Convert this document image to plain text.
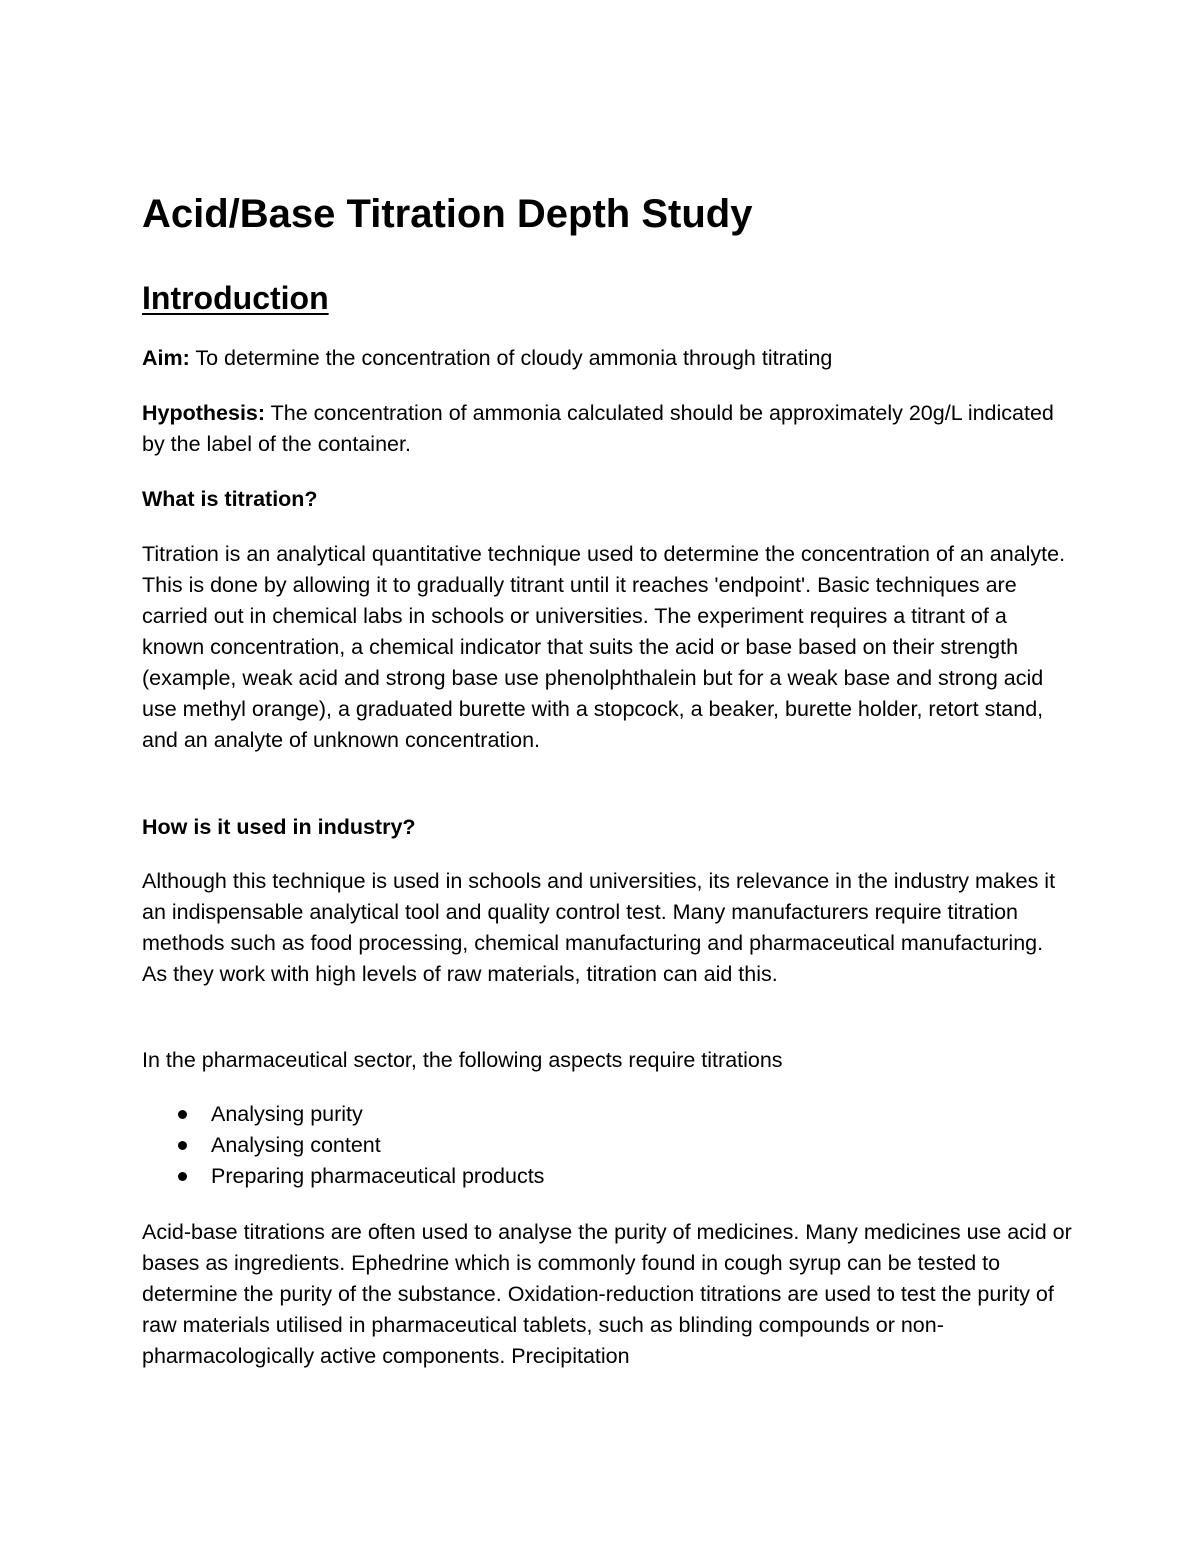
Acid/Base Titration Depth Study
Introduction

Aim: To determine the concentration of cloudy ammonia through titrating

Hypothesis: The concentration of ammonia calculated should be approximately 20g/L indicated by the label of the container.

What is titration?

Titration is an analytical quantitative technique used to determine the concentration of an analyte. This is done by allowing it to gradually titrant until it reaches 'endpoint'. Basic techniques are carried out in chemical labs in schools or universities. The experiment requires a titrant of a known concentration, a chemical indicator that suits the acid or base based on their strength (example, weak acid and strong base use phenolphthalein but for a weak base and strong acid use methyl orange), a graduated burette with a stopcock, a beaker, burette holder, retort stand, and an analyte of unknown concentration.

How is it used in industry?

Although this technique is used in schools and universities, its relevance in the industry makes it an indispensable analytical tool and quality control test. Many manufacturers require titration methods such as food processing, chemical manufacturing and pharmaceutical manufacturing. As they work with high levels of raw materials, titration can aid this.

In the pharmaceutical sector, the following aspects require titrations

Analysing purity
Analysing content
Preparing pharmaceutical products

Acid-base titrations are often used to analyse the purity of medicines. Many medicines use acid or bases as ingredients. Ephedrine which is commonly found in cough syrup can be tested to determine the purity of the substance. Oxidation-reduction titrations are used to test the purity of raw materials utilised in pharmaceutical tablets, such as blinding compounds or non-pharmacologically active components. Precipitation
